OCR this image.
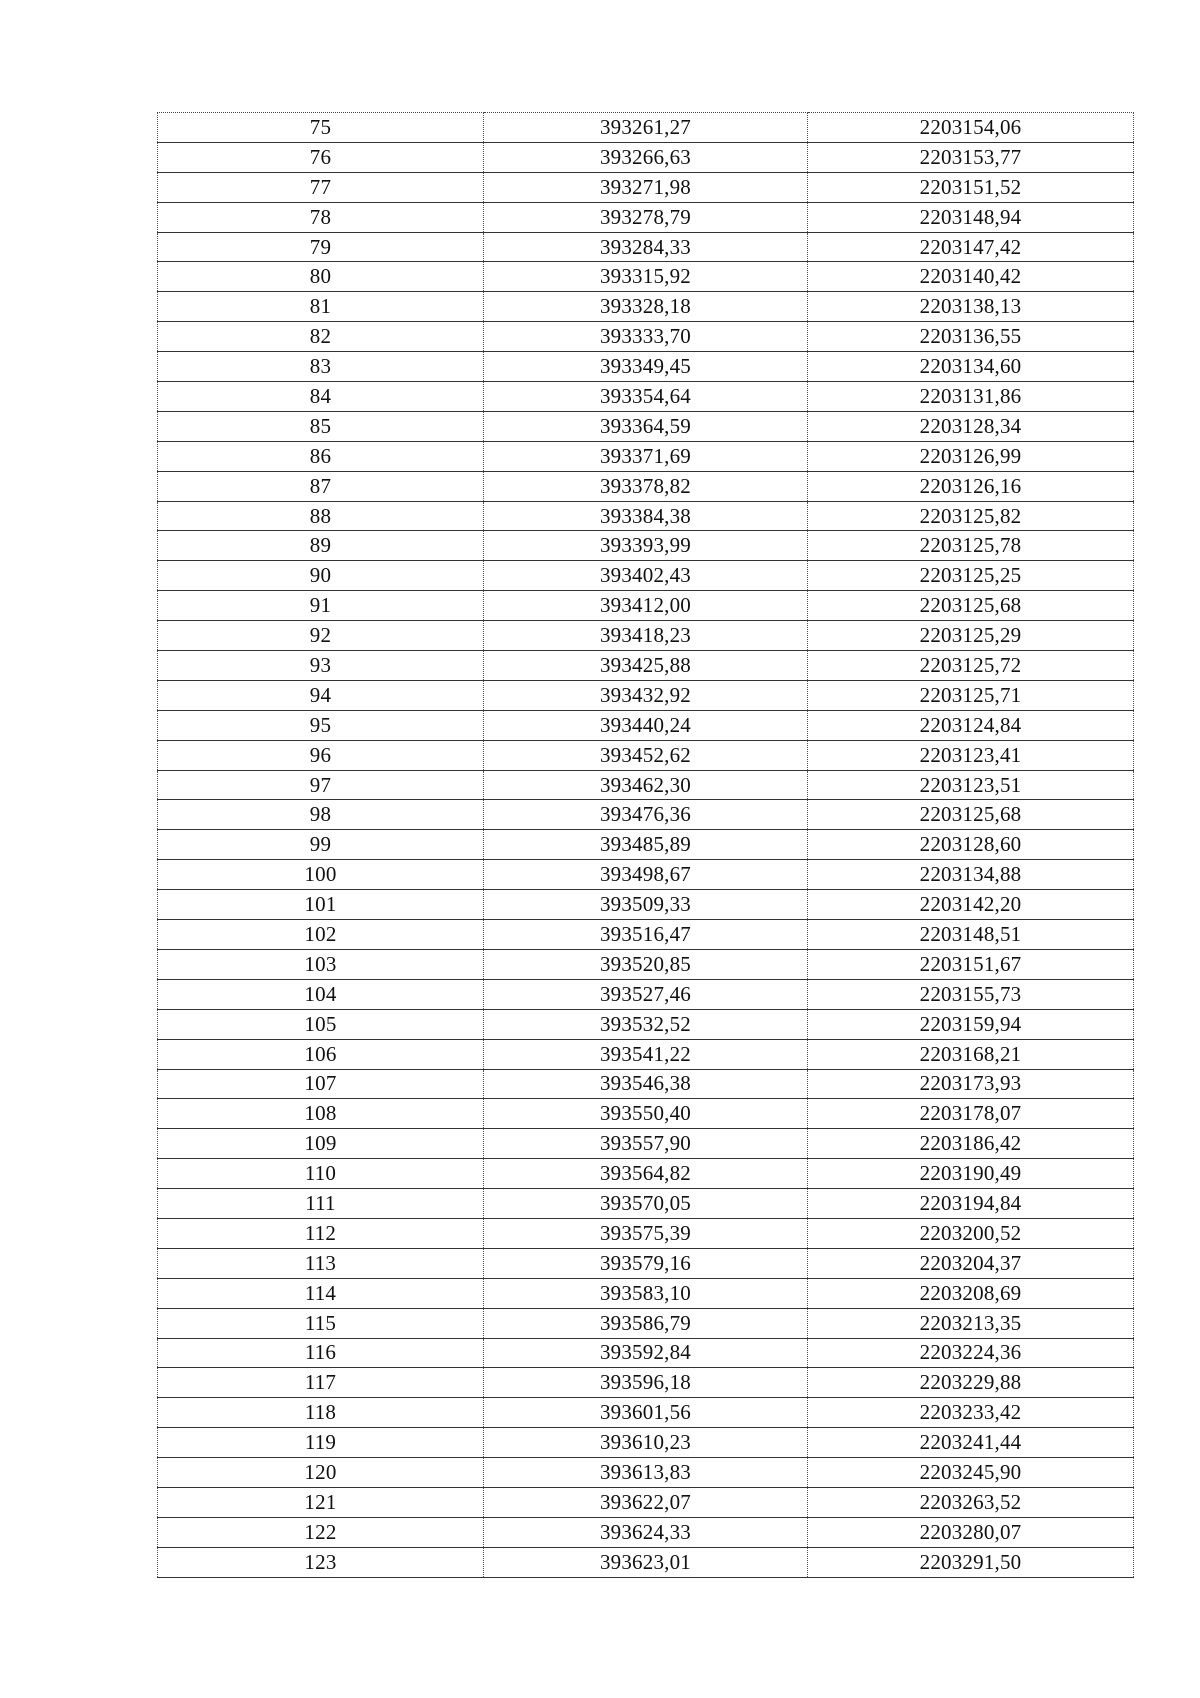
75	393261,27	2203154,06
76	393266,63	2203153,77
77	393271,98	2203151,52
78	393278,79	2203148,94
79	393284,33	2203147,42
80	393315,92	2203140,42
81	393328,18	2203138,13
82	393333,70	2203136,55
83	393349,45	2203134,60
84	393354,64	2203131,86
85	393364,59	2203128,34
86	393371,69	2203126,99
87	393378,82	2203126,16
88	393384,38	2203125,82
89	393393,99	2203125,78
90	393402,43	2203125,25
91	393412,00	2203125,68
92	393418,23	2203125,29
93	393425,88	2203125,72
94	393432,92	2203125,71
95	393440,24	2203124,84
96	393452,62	2203123,41
97	393462,30	2203123,51
98	393476,36	2203125,68
99	393485,89	2203128,60
100	393498,67	2203134,88
101	393509,33	2203142,20
102	393516,47	2203148,51
103	393520,85	2203151,67
104	393527,46	2203155,73
105	393532,52	2203159,94
106	393541,22	2203168,21
107	393546,38	2203173,93
108	393550,40	2203178,07
109	393557,90	2203186,42
110	393564,82	2203190,49
111	393570,05	2203194,84
112	393575,39	2203200,52
113	393579,16	2203204,37
114	393583,10	2203208,69
115	393586,79	2203213,35
116	393592,84	2203224,36
117	393596,18	2203229,88
118	393601,56	2203233,42
119	393610,23	2203241,44
120	393613,83	2203245,90
121	393622,07	2203263,52
122	393624,33	2203280,07
123	393623,01	2203291,50
